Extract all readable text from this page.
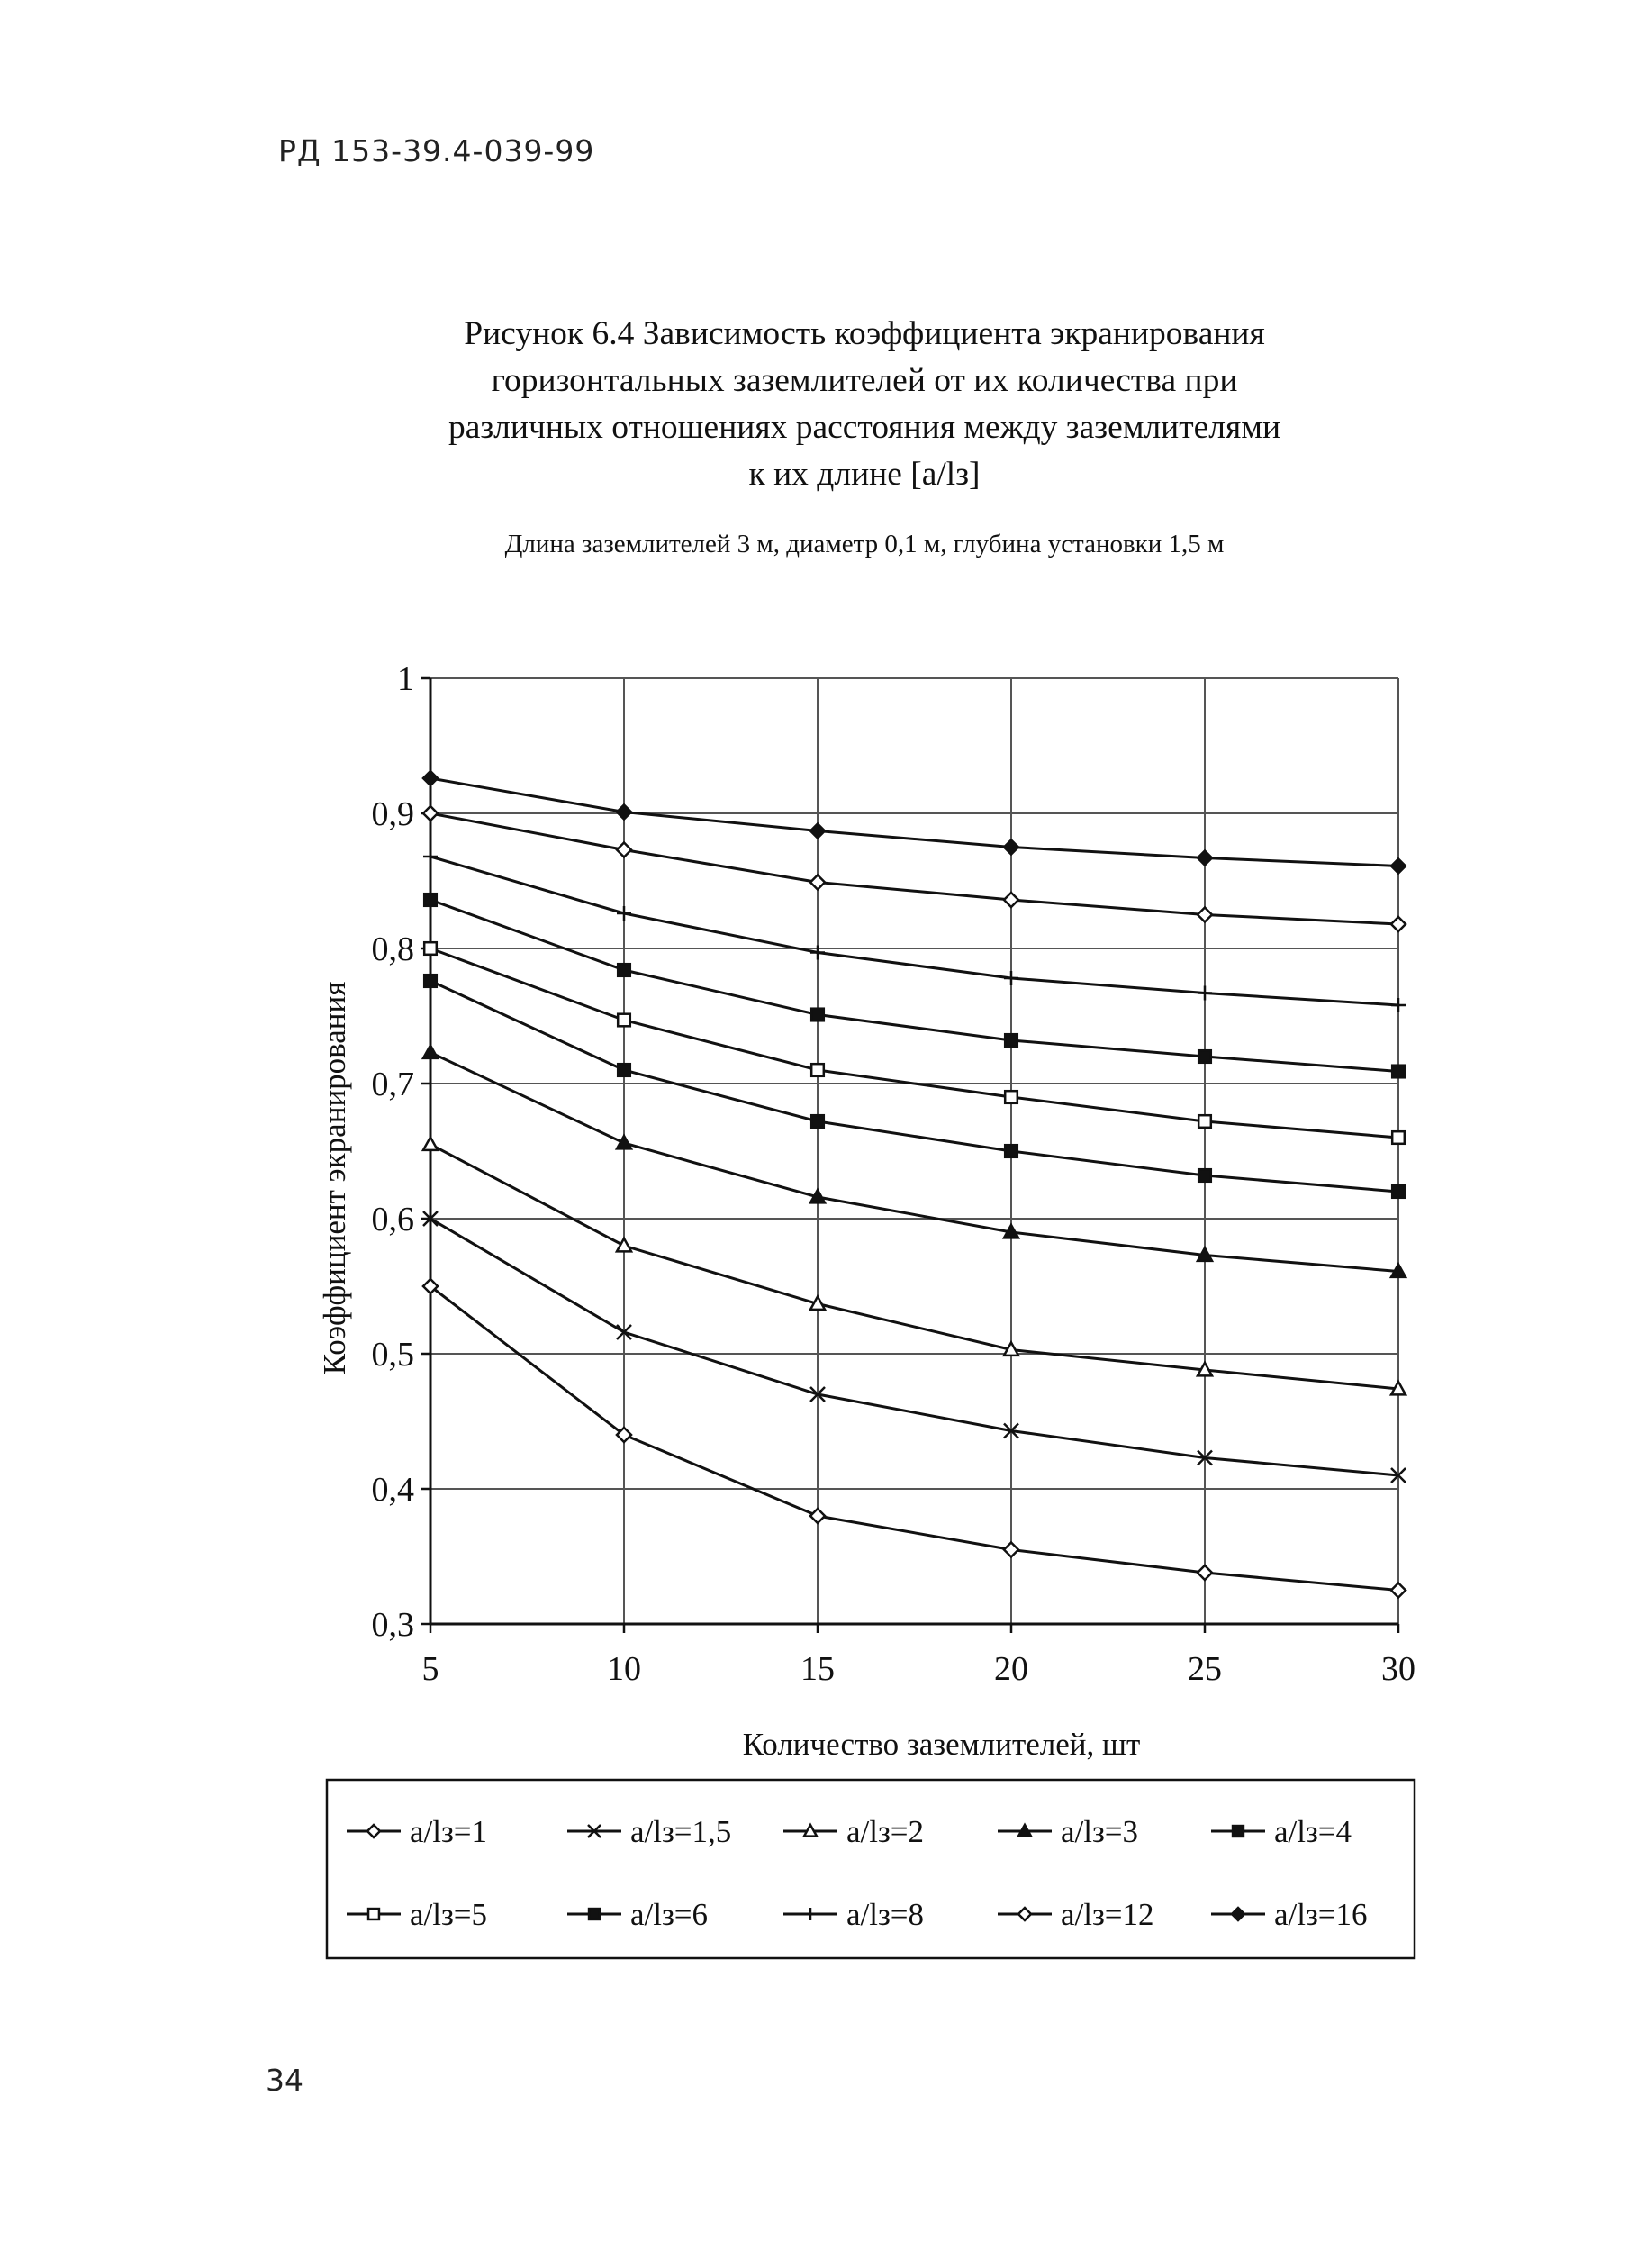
РД 153-39.4-039-99
Рисунок 6.4 Зависимость коэффициента экранирования
горизонтальных заземлителей от их количества при
различных отношениях расстояния между заземлителями
к их длине [a/lз]
Длина заземлителей 3 м, диаметр 0,1 м, глубина установки 1,5 м
0,3
0,4
0,5
0,6
0,7
0,8
0,9
1
5	10	15	20	25	30
Количество заземлителей, шт
Коэффициент экранирования
a/lз=1	a/lз=1,5	a/lз=2	a/lз=3	a/lз=4
a/lз=5	a/lз=6	a/lз=8	a/lз=12	a/lз=16
34
